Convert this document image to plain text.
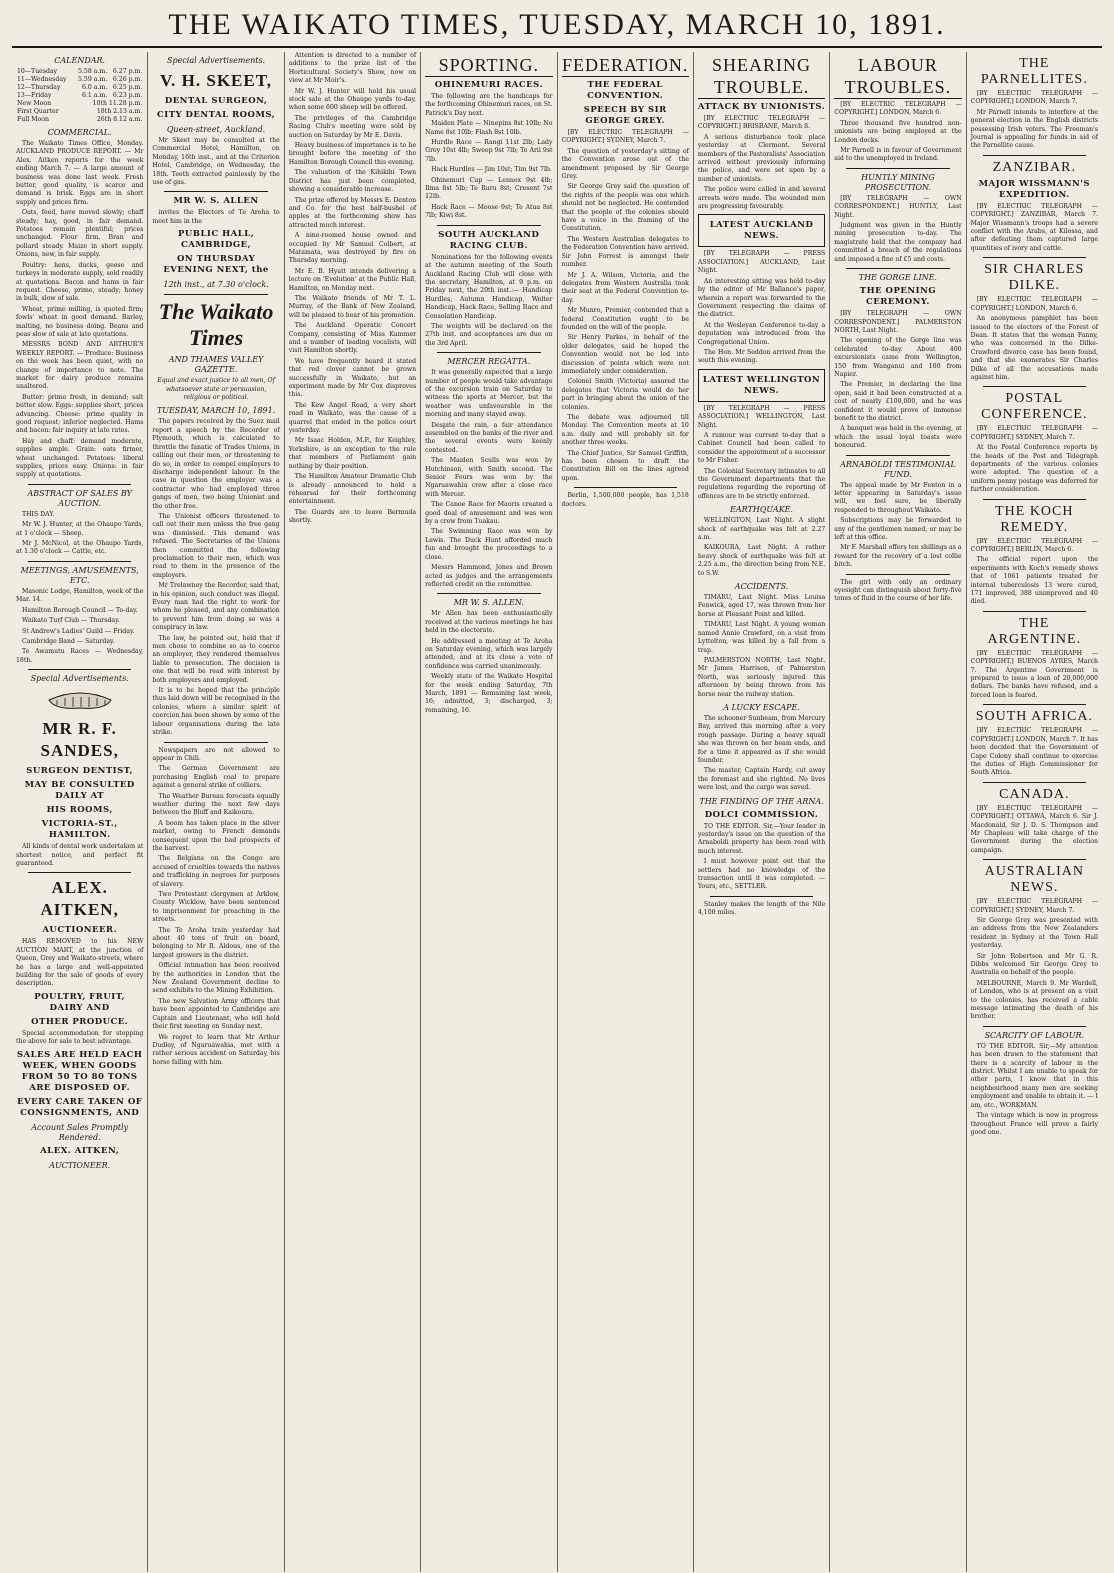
THE WAIKATO TIMES, TUESDAY, MARCH 10, 1891.
CALENDAR.
10—Tuesday	5.58 a.m.	6.27 p.m.
11—Wednesday	5.59 a.m.	6.26 p.m.
12—Thursday	6.0 a.m.	6.25 p.m.
13—Friday	6.1 a.m.	6.23 p.m.
New Moon	10th 11.28 p.m.
First Quarter	18th 2.13 a.m.
Full Moon	26th 8.12 a.m.
COMMERCIAL.

The Waikato Times Office, Monday. AUCKLAND PRODUCE REPORT. — Mr Alex. Aitken reports for the week ending March 7. — A large amount of business was done last week. Fresh butter, good quality, is scarce and demand is brisk. Eggs are in short supply and prices firm.

Oats, feed, have moved slowly; chaff steady; hay, good, in fair demand. Potatoes remain plentiful; prices unchanged. Flour firm. Bran and pollard steady. Maize in short supply. Onions, new, in fair supply.

Poultry: hens, ducks, geese and turkeys in moderate supply, sold readily at quotations. Bacon and hams in fair request. Cheese, prime, steady; honey in bulk, slow of sale.

Wheat, prime milling, is quoted firm; fowls' wheat in good demand. Barley, malting, no business doing. Beans and peas slow of sale at late quotations.

MESSRS BOND AND ARTHUR'S WEEKLY REPORT. — Produce: Business on the week has been quiet, with no change of importance to note. The market for dairy produce remains unaltered.

Butter: prime fresh, in demand; salt butter slow. Eggs: supplies short, prices advancing. Cheese: prime quality in good request; inferior neglected. Hams and bacon: fair inquiry at late rates.

Hay and chaff: demand moderate, supplies ample. Grain: oats firmer, wheat unchanged. Potatoes: liberal supplies, prices easy. Onions: in fair supply at quotations.

ABSTRACT OF SALES BY AUCTION.

THIS DAY.

Mr W. J. Hunter, at the Ohaupo Yards, at 1 o'clock — Sheep.

Mr J. McNicol, at the Ohaupo Yards, at 1.30 o'clock — Cattle, etc.

MEETINGS, AMUSEMENTS, ETC.

Masonic Lodge, Hamilton, week of the Mar. 14.

Hamilton Borough Council — To-day.

Waikato Turf Club — Thursday.

St Andrew's Ladies' Guild — Friday.

Cambridge Band — Saturday.

Te Awamutu Races — Wednesday, 18th.

Special Advertisements.
MR R. F. SANDES,
SURGEON DENTIST,
MAY BE CONSULTED DAILY AT
HIS ROOMS,
VICTORIA-ST., HAMILTON.

All kinds of dental work undertaken at shortest notice, and perfect fit guaranteed.

ALEX. AITKEN,
AUCTIONEER.

HAS REMOVED to his NEW AUCTION MART, at the junction of Queen, Grey and Waikato-streets, where he has a large and well-appointed building for the sale of goods of every description.

POULTRY, FRUIT, DAIRY AND
OTHER PRODUCE.

Special accommodation for stopping the above for sale to best advantage.

SALES ARE HELD EACH WEEK, WHEN GOODS FROM 50 TO 80 TONS ARE DISPOSED OF.
EVERY CARE TAKEN OF CONSIGNMENTS, AND
Account Sales Promptly Rendered.
ALEX. AITKEN,
AUCTIONEER.
Special Advertisements.
V. H. SKEET,
DENTAL SURGEON,
CITY DENTAL ROOMS,
Queen-street, Auckland.

Mr Skeet may be consulted at the Commercial Hotel, Hamilton, on Monday, 16th inst., and at the Criterion Hotel, Cambridge, on Wednesday, the 18th. Teeth extracted painlessly by the use of gas.

MR W. S. ALLEN

invites the Electors of Te Aroha to meet him in the

PUBLIC HALL, CAMBRIDGE,
ON THURSDAY EVENING NEXT, the
12th inst., at 7.30 o'clock.
The Waikato Times
AND THAMES VALLEY GAZETTE.

Equal and exact justice to all men, Of whatsoever state or persuasion, religious or political.

TUESDAY, MARCH 10, 1891.

The papers received by the Suez mail report a speech by the Recorder of Plymouth, which is calculated to throttle the fanatic of Trades Unions, in calling out their men, or threatening to do so, in order to compel employers to discharge independent labour. In the case in question the employer was a contractor who had employed three gangs of men, two being Unionist and the other free.

The Unionist officers threatened to call out their men unless the free gang was dismissed. This demand was refused. The Secretaries of the Unions then committed the following proclamation to their men, which was read to them in the presence of the employers.

Mr Trelawney the Recorder, said that, in his opinion, such conduct was illegal. Every man had the right to work for whom he pleased, and any combination to prevent him from doing so was a conspiracy in law.

The law, he pointed out, held that if men chose to combine so as to coerce an employer, they rendered themselves liable to prosecution. The decision is one that will be read with interest by both employers and employed.

It is to be hoped that the principle thus laid down will be recognised in the colonies, where a similar spirit of coercion has been shown by some of the labour organisations during the late strike.

Newspapers are not allowed to appear in Chili.

The German Government are purchasing English coal to prepare against a general strike of colliers.

The Weather Bureau forecasts equally weather during the next few days between the Bluff and Kaikoura.

A boom has taken place in the silver market, owing to French demands consequent upon the bad prospects of the harvest.

The Belgians on the Congo are accused of cruelties towards the natives and trafficking in negroes for purposes of slavery.

Two Protestant clergymen at Arklow, County Wicklow, have been sentenced to imprisonment for preaching in the streets.

The Te Aroha train yesterday had about 40 tons of fruit on board, belonging to Mr R. Aldous, one of the largest growers in the district.

Official intimation has been received by the authorities in London that the New Zealand Government decline to send exhibits to the Mining Exhibition.

The new Salvation Army officers that have been appointed to Cambridge are Captain and Lieutenant, who will hold their first meeting on Sunday next.

We regret to learn that Mr Arthur Dudley, of Ngaruawahia, met with a rather serious accident on Saturday, his horse falling with him.

Attention is directed to a number of additions to the prize list of the Horticultural Society's Show, now on view at Mr Moir's.

Mr W. J. Hunter will hold his usual stock sale at the Ohaupo yards to-day, when some 600 sheep will be offered.

The privileges of the Cambridge Racing Club's meeting were sold by auction on Saturday by Mr E. Davis.

Heavy business of importance is to be brought before the meeting of the Hamilton Borough Council this evening.

The valuation of the Kihikihi Town District has just been completed, showing a considerable increase.

The prize offered by Messrs E. Denton and Co. for the best half-bushel of apples at the forthcoming show has attracted much interest.

A nine-roomed house owned and occupied by Mr Samuel Colbert, at Matamata, was destroyed by fire on Thursday morning.

Mr E. B. Hyatt intends delivering a lecture on 'Evolution' at the Public Hall, Hamilton, on Monday next.

The Waikato friends of Mr T. L. Murray, of the Bank of New Zealand, will be pleased to hear of his promotion.

The Auckland Operatic Concert Company, consisting of Miss Kummer and a number of leading vocalists, will visit Hamilton shortly.

We have frequently heard it stated that red clover cannot be grown successfully in Waikato, but an experiment made by Mr Cox disproves this.

The Kew Angel Road, a very short road in Waikato, was the cause of a quarrel that ended in the police court yesterday.

Mr Isaac Holden, M.P., for Keighley, Yorkshire, is an exception to the rule that members of Parliament gain nothing by their position.

The Hamilton Amateur Dramatic Club is already announced to hold a rehearsal for their forthcoming entertainment.

The Guards are to leave Bermuda shortly.

SPORTING.
OHINEMURI RACES.

The following are the handicaps for the forthcoming Ohinemuri races, on St. Patrick's Day next.

Maiden Plate — Ninepins 8st 10lb; No Name 8st 10lb; Flash 8st 10lb.

Hurdle Race — Rangi 11st 2lb; Lady Grey 10st 4lb; Sweep 9st 7lb; Te Arii 9st 7lb.

Hack Hurdles — Jim 10st; Tim 9st 7lb.

Ohinemuri Cup — Lennox 9st 4lb; Ilma 8st 5lb; Te Ruru 8st; Cresent 7st 12lb.

Hack Race — Moose 9st; Te Atua 8st 7lb; Kiwi 8st.

SOUTH AUCKLAND RACING CLUB.

Nominations for the following events at the autumn meeting of the South Auckland Racing Club will close with the secretary, Hamilton, at 9 p.m. on Friday next, the 20th inst.:— Handicap Hurdles, Autumn Handicap, Welter Handicap, Hack Race, Selling Race and Consolation Handicap.

The weights will be declared on the 27th inst. and acceptances are due on the 3rd April.

MERCER REGATTA.

It was generally expected that a large number of people would take advantage of the excursion train on Saturday to witness the sports at Mercer, but the weather was unfavourable in the morning and many stayed away.

Despite the rain, a fair attendance assembled on the banks of the river and the several events were keenly contested.

The Maiden Sculls was won by Hutchinson, with Smith second. The Senior Fours was won by the Ngaruawahia crew after a close race with Mercer.

The Canoe Race for Maoris created a good deal of amusement and was won by a crew from Tuakau.

The Swimming Race was won by Lewis. The Duck Hunt afforded much fun and brought the proceedings to a close.

Messrs Hammond, Jones and Brown acted as judges and the arrangements reflected credit on the committee.

MR W. S. ALLEN.

Mr Allen has been enthusiastically received at the various meetings he has held in the electorate.

He addressed a meeting at Te Aroha on Saturday evening, which was largely attended, and at its close a vote of confidence was carried unanimously.

Weekly state of the Waikato Hospital for the week ending Saturday, 7th March, 1891 — Remaining last week, 16; admitted, 3; discharged, 3; remaining, 16.

FEDERATION.
THE FEDERAL CONVENTION.
SPEECH BY SIR GEORGE GREY.

[BY ELECTRIC TELEGRAPH — COPYRIGHT.] SYDNEY, March 7.

The question of yesterday's sitting of the Convention arose out of the amendment proposed by Sir George Grey.

Sir George Grey said the question of the rights of the people was one which should not be neglected. He contended that the people of the colonies should have a voice in the framing of the Constitution.

The Western Australian delegates to the Federation Convention have arrived. Sir John Forrest is amongst their number.

Mr J. A. Wilson, Victoria, and the delegates from Western Australia took their seat at the Federal Convention to-day.

Mr Munro, Premier, contended that a federal Constitution ought to be founded on the will of the people.

Sir Henry Parkes, in behalf of the older delegates, said he hoped the Convention would not be led into discussion of points which were not immediately under consideration.

Colonel Smith (Victoria) assured the delegates that Victoria would do her part in bringing about the union of the colonies.

The debate was adjourned till Monday. The Convention meets at 10 a.m. daily and will probably sit for another three weeks.

The Chief Justice, Sir Samuel Griffith, has been chosen to draft the Constitution Bill on the lines agreed upon.

Berlin, 1,500,000 people, has 1,518 doctors.

SHEARING TROUBLE.
ATTACK BY UNIONISTS.

[BY ELECTRIC TELEGRAPH — COPYRIGHT.] BRISBANE, March 8.

A serious disturbance took place yesterday at Clermont. Several members of the Pastoralists' Association arrived without previously informing the police, and were set upon by a number of unionists.

The police were called in and several arrests were made. The wounded men are progressing favourably.

LATEST AUCKLAND NEWS.

[BY TELEGRAPH — PRESS ASSOCIATION.] AUCKLAND, Last Night.

An interesting sitting was held to-day by the editor of Mr Ballance's paper, wherein a report was forwarded to the Government respecting the claims of the district.

At the Wesleyan Conference to-day a deputation was introduced from the Congregational Union.

The Hon. Mr Seddon arrived from the south this evening.

LATEST WELLINGTON NEWS.

[BY TELEGRAPH — PRESS ASSOCIATION.] WELLINGTON, Last Night.

A rumour was current to-day that a Cabinet Council had been called to consider the appointment of a successor to Mr Fisher.

The Colonial Secretary intimates to all the Government departments that the regulations regarding the reporting of offences are to be strictly enforced.

EARTHQUAKE.

WELLINGTON, Last Night. A slight shock of earthquake was felt at 2.27 a.m.

KAIKOURA, Last Night. A rather heavy shock of earthquake was felt at 2.25 a.m., the direction being from N.E. to S.W.

ACCIDENTS.

TIMARU, Last Night. Miss Louisa Fenwick, aged 17, was thrown from her horse at Pleasant Point and killed.

TIMARU, Last Night. A young woman named Annie Crawford, on a visit from Lyttelton, was killed by a fall from a trap.

PALMERSTON NORTH, Last Night. Mr James Harrison, of Palmerston North, was seriously injured this afternoon by being thrown from his horse near the railway station.

A LUCKY ESCAPE.

The schooner Sunbeam, from Mercury Bay, arrived this morning after a very rough passage. During a heavy squall she was thrown on her beam ends, and for a time it appeared as if she would founder.

The master, Captain Hardy, cut away the foremast and she righted. No lives were lost, and the cargo was saved.

THE FINDING OF THE ARNA.
DOLCI COMMISSION.

TO THE EDITOR. Sir,—Your leader in yesterday's issue on the question of the Arnaboldi property has been read with much interest.

I must however point out that the settlers had no knowledge of the transaction until it was completed. — Yours, etc., SETTLER.

Stanley makes the length of the Nile 4,100 miles.

LABOUR TROUBLES.

[BY ELECTRIC TELEGRAPH — COPYRIGHT.] LONDON, March 6.

Three thousand five hundred non-unionists are being employed at the London docks.

Mr Parnell is in favour of Government aid to the unemployed in Ireland.

HUNTLY MINING PROSECUTION.

[BY TELEGRAPH — OWN CORRESPONDENT.] HUNTLY, Last Night.

Judgment was given in the Huntly mining prosecution to-day. The magistrate held that the company had committed a breach of the regulations and imposed a fine of £5 and costs.

THE GORGE LINE.
THE OPENING CEREMONY.

[BY TELEGRAPH — OWN CORRESPONDENT.] PALMERSTON NORTH, Last Night.

The opening of the Gorge line was celebrated to-day. About 400 excursionists came from Wellington, 150 from Wanganui and 100 from Napier.

The Premier, in declaring the line open, said it had been constructed at a cost of nearly £100,000, and he was confident it would prove of immense benefit to the district.

A banquet was held in the evening, at which the usual loyal toasts were honoured.

ARNABOLDI TESTIMONIAL FUND.

The appeal made by Mr Fenton in a letter appearing in Saturday's issue will, we feel sure, be liberally responded to throughout Waikato.

Subscriptions may be forwarded to any of the gentlemen named, or may be left at this office.

Mr F. Marshall offers ten shillings as a reward for the recovery of a lost collie bitch.

The girl with only an ordinary eyesight can distinguish about forty-five tones of fluid in the course of her life.

THE PARNELLITES.

[BY ELECTRIC TELEGRAPH — COPYRIGHT.] LONDON, March 7.

Mr Parnell intends to interfere at the general election in the English districts possessing Irish voters. The Freeman's Journal is appealing for funds in aid of the Parnellite cause.

ZANZIBAR.
MAJOR WISSMANN'S EXPEDITION.

[BY ELECTRIC TELEGRAPH — COPYRIGHT.] ZANZIBAR, March 7. Major Wissmann's troops had a severe conflict with the Arabs, at Kilossa, and after defeating them captured large quantities of ivory and cattle.

SIR CHARLES DILKE.

[BY ELECTRIC TELEGRAPH — COPYRIGHT.] LONDON, March 6.

An anonymous pamphlet has been issued to the electors of the Forest of Dean. It states that the woman Fanny, who was concerned in the Dilke-Crawford divorce case has been found, and that she exonerates Sir Charles Dilke of all the accusations made against him.

POSTAL CONFERENCE.

[BY ELECTRIC TELEGRAPH — COPYRIGHT.] SYDNEY, March 7.

At the Postal Conference reports by the heads of the Post and Telegraph departments of the various colonies were adopted. The question of a uniform penny postage was deferred for further consideration.

THE KOCH REMEDY.

[BY ELECTRIC TELEGRAPH — COPYRIGHT.] BERLIN, March 6.

The official report upon the experiments with Koch's remedy shows that of 1061 patients treated for internal tuberculosis 13 were cured, 171 improved, 388 unimproved and 40 died.

THE ARGENTINE.

[BY ELECTRIC TELEGRAPH — COPYRIGHT.] BUENOS AYRES, March 7. The Argentine Government is prepared to issue a loan of 20,000,000 dollars. The banks have refused, and a forced loan is feared.

SOUTH AFRICA.

[BY ELECTRIC TELEGRAPH — COPYRIGHT.] LONDON, March 7. It has been decided that the Government of Cape Colony shall continue to exercise the duties of High Commissioner for South Africa.

CANADA.

[BY ELECTRIC TELEGRAPH — COPYRIGHT.] OTTAWA, March 6. Sir J. Macdonald, Sir J. D. S. Thompson and Mr Chapleau will take charge of the Government during the election campaign.

AUSTRALIAN NEWS.

[BY ELECTRIC TELEGRAPH — COPYRIGHT.] SYDNEY, March 7.

Sir George Grey was presented with an address from the New Zealanders resident in Sydney at the Town Hall yesterday.

Sir John Robertson and Mr G. R. Dibbs welcomed Sir George Grey to Australia on behalf of the people.

MELBOURNE, March 9. Mr Wardell, of London, who is at present on a visit to the colonies, has received a cable message intimating the death of his brother.

SCARCITY OF LABOUR.

TO THE EDITOR. Sir,—My attention has been drawn to the statement that there is a scarcity of labour in the district. Whilst I am unable to speak for other parts, I know that in this neighbourhood many men are seeking employment and unable to obtain it. — I am, etc., WORKMAN.

The vintage which is now in progress throughout France will prove a fairly good one.
